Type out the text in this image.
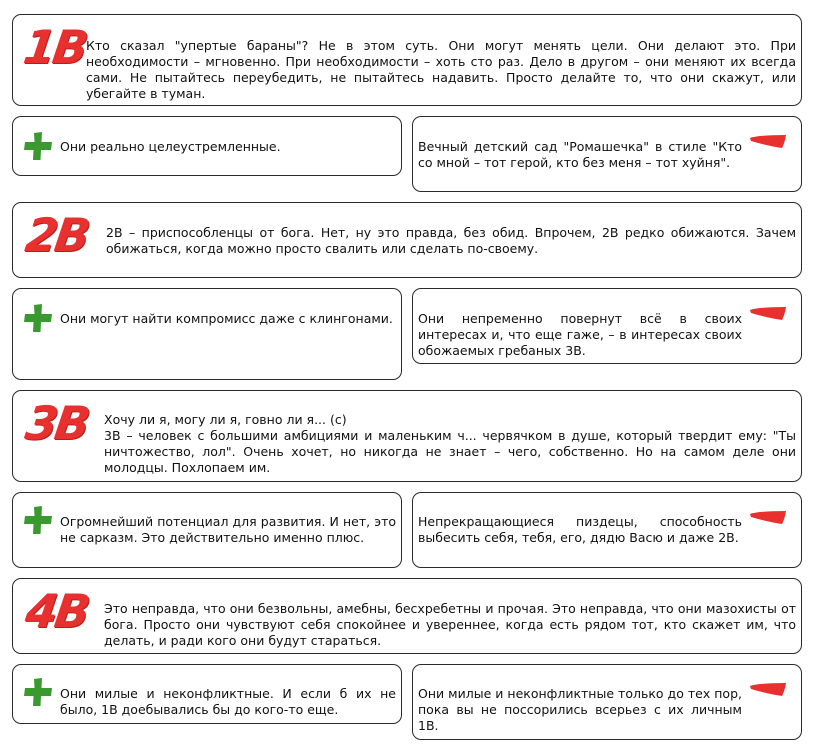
1В
Кто сказал "упертые бараны"? Не в этом суть. Они могут менять цели. Они делают это. При необходимости – мгновенно. При необходимости – хоть сто раз. Дело в другом – они меняют их всегда сами. Не пытайтесь переубедить, не пытайтесь надавить. Просто делайте то, что они скажут, или убегайте в туман.
Они реально целеустремленные.	Вечный детский сад "Ромашечка" в стиле "Кто со мной – тот герой, кто без меня – тот хуйня".
2В 2В – приспособленцы от бога. Нет, ну это правда, без обид. Впрочем, 2В редко обижаются. Зачем обижаться, когда можно просто свалить или сделать по-своему.
Они могут найти компромисс даже с клингонами. Они непременно повернут всё в своих интересах и, что еще гаже, – в интересах своих обожаемых гребаных 3В.
3В Хочу ли я, могу ли я, говно ли я... (с)
3В – человек с большими амбициями и маленьким ч... червячком в душе, который твердит ему: "Ты ничтожество, лол". Очень хочет, но никогда не знает – чего, собственно. Но на самом деле они молодцы. Похлопаем им.
Огромнейший потенциал для развития. И нет, это не сарказм. Это действительно именно плюс.
Непрекращающиеся пиздецы, способность выбесить себя, тебя, его, дядю Васю и даже 2В.
4В Это неправда, что они безвольны, амебны, бесхребетны и прочая. Это неправда, что они мазохисты от бога. Просто они чувствуют себя спокойнее и увереннее, когда есть рядом тот, кто скажет им, что делать, и ради кого они будут стараться.
Они милые и неконфликтные. И если б их не было, 1В доебывались бы до кого-то еще.
Они милые и неконфликтные только до тех пор, пока вы не поссорились всерьез с их личным 1В.
